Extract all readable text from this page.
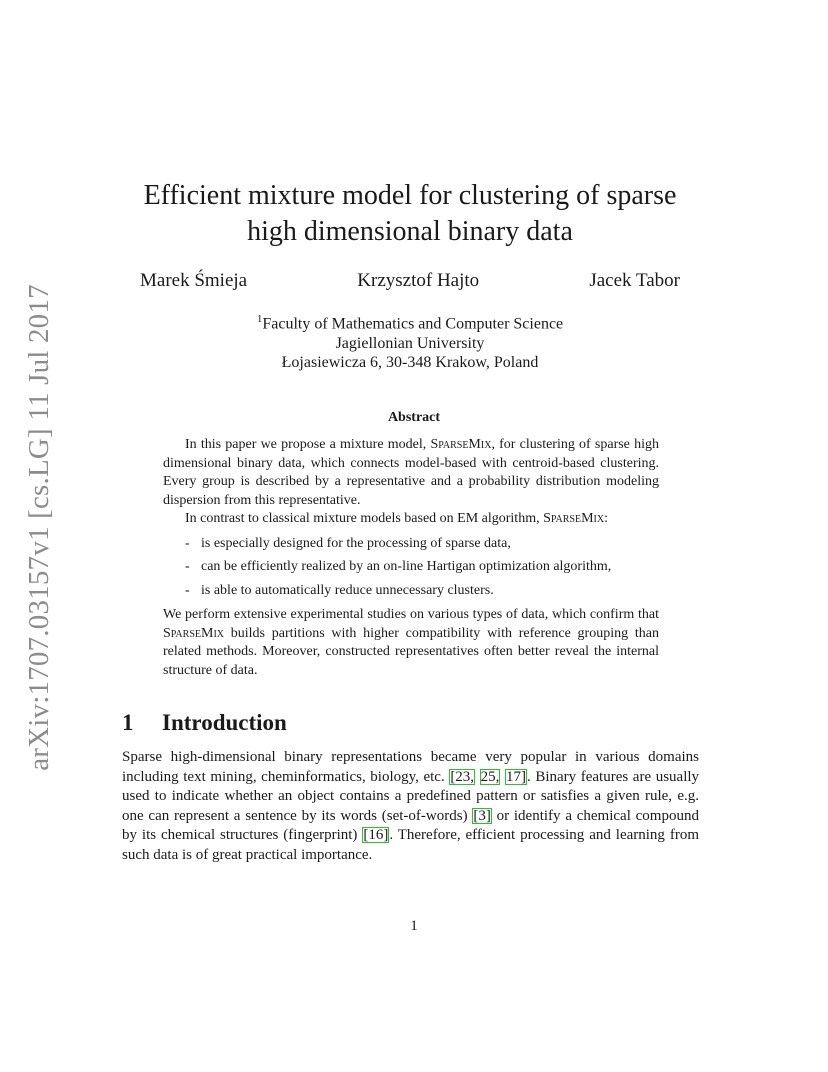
arXiv:1707.03157v1 [cs.LG] 11 Jul 2017
Efficient mixture model for clustering of sparse
high dimensional binary data
Marek Śmieja	Krzysztof Hajto	Jacek Tabor
$^1$Faculty of Mathematics and Computer Science
Jagiellonian University
Łojasiewicza 6, 30-348 Krakow, Poland
Abstract

In this paper we propose a mixture model, SparseMix, for clustering of sparse high dimensional binary data, which connects model-based with centroid-based clustering. Every group is described by a representative and a probability distribution modeling dispersion from this representative.

In contrast to classical mixture models based on EM algorithm, SparseMix:

- is especially designed for the processing of sparse data,
- can be efficiently realized by an on-line Hartigan optimization algorithm,
- is able to automatically reduce unnecessary clusters.

We perform extensive experimental studies on various types of data, which confirm that SparseMix builds partitions with higher compatibility with reference grouping than related methods. Moreover, constructed representatives often better reveal the internal structure of data.

1 Introduction

Sparse high-dimensional binary representations became very popular in various domains including text mining, cheminformatics, biology, etc. [23, 25, 17]. Binary features are usually used to indicate whether an object contains a predefined pattern or satisfies a given rule, e.g. one can represent a sentence by its words (set-of-words) [3] or identify a chemical compound by its chemical structures (fingerprint) [16]. Therefore, efficient processing and learning from such data is of great practical importance.

1
